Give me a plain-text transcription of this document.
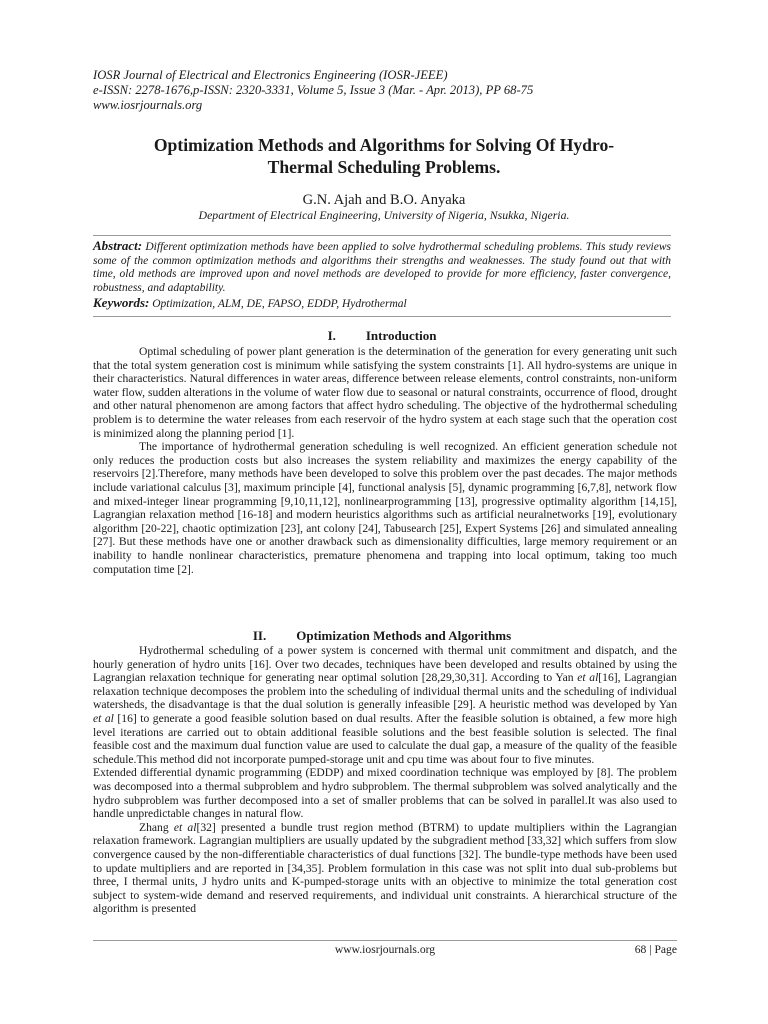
IOSR Journal of Electrical and Electronics Engineering (IOSR-JEEE)
e-ISSN: 2278-1676,p-ISSN: 2320-3331, Volume 5, Issue 3 (Mar. - Apr. 2013), PP 68-75
www.iosrjournals.org
Optimization Methods and Algorithms for Solving Of Hydro-
Thermal Scheduling Problems.
G.N. Ajah and B.O. Anyaka
Department of Electrical Engineering, University of Nigeria, Nsukka, Nigeria.
Abstract: Different optimization methods have been applied to solve hydrothermal scheduling problems. This study reviews some of the common optimization methods and algorithms their strengths and weaknesses. The study found out that with time, old methods are improved upon and novel methods are developed to provide for more efficiency, faster convergence, robustness, and adaptability.
Keywords: Optimization, ALM, DE, FAPSO, EDDP, Hydrothermal
I. Introduction

Optimal scheduling of power plant generation is the determination of the generation for every generating unit such that the total system generation cost is minimum while satisfying the system constraints [1]. All hydro-systems are unique in their characteristics. Natural differences in water areas, difference between release elements, control constraints, non-uniform water flow, sudden alterations in the volume of water flow due to seasonal or natural constraints, occurrence of flood, drought and other natural phenomenon are among factors that affect hydro scheduling. The objective of the hydrothermal scheduling problem is to determine the water releases from each reservoir of the hydro system at each stage such that the operation cost is minimized along the planning period [1].

The importance of hydrothermal generation scheduling is well recognized. An efficient generation schedule not only reduces the production costs but also increases the system reliability and maximizes the energy capability of the reservoirs [2].Therefore, many methods have been developed to solve this problem over the past decades. The major methods include variational calculus [3], maximum principle [4], functional analysis [5], dynamic programming [6,7,8], network flow and mixed-integer linear programming [9,10,11,12], nonlinearprogramming [13], progressive optimality algorithm [14,15], Lagrangian relaxation method [16-18] and modern heuristics algorithms such as artificial neuralnetworks [19], evolutionary algorithm [20-22], chaotic optimization [23], ant colony [24], Tabusearch [25], Expert Systems [26] and simulated annealing [27]. But these methods have one or another drawback such as dimensionality difficulties, large memory requirement or an inability to handle nonlinear characteristics, premature phenomena and trapping into local optimum, taking too much computation time [2].

II. Optimization Methods and Algorithms

Hydrothermal scheduling of a power system is concerned with thermal unit commitment and dispatch, and the hourly generation of hydro units [16]. Over two decades, techniques have been developed and results obtained by using the Lagrangian relaxation technique for generating near optimal solution [28,29,30,31]. According to Yan et al[16], Lagrangian relaxation technique decomposes the problem into the scheduling of individual thermal units and the scheduling of individual watersheds, the disadvantage is that the dual solution is generally infeasible [29]. A heuristic method was developed by Yan et al [16] to generate a good feasible solution based on dual results. After the feasible solution is obtained, a few more high level iterations are carried out to obtain additional feasible solutions and the best feasible solution is selected. The final feasible cost and the maximum dual function value are used to calculate the dual gap, a measure of the quality of the feasible schedule.This method did not incorporate pumped-storage unit and cpu time was about four to five minutes.

Extended differential dynamic programming (EDDP) and mixed coordination technique was employed by [8]. The problem was decomposed into a thermal subproblem and hydro subproblem. The thermal subproblem was solved analytically and the hydro subproblem was further decomposed into a set of smaller problems that can be solved in parallel.It was also used to handle unpredictable changes in natural flow.

Zhang et al[32] presented a bundle trust region method (BTRM) to update multipliers within the Lagrangian relaxation framework. Lagrangian multipliers are usually updated by the subgradient method [33,32] which suffers from slow convergence caused by the non-differentiable characteristics of dual functions [32]. The bundle-type methods have been used to update multipliers and are reported in [34,35]. Problem formulation in this case was not split into dual sub-problems but three, I thermal units, J hydro units and K-pumped-storage units with an objective to minimize the total generation cost subject to system-wide demand and reserved requirements, and individual unit constraints. A hierarchical structure of the algorithm is presented

www.iosrjournals.org	68 | Page
